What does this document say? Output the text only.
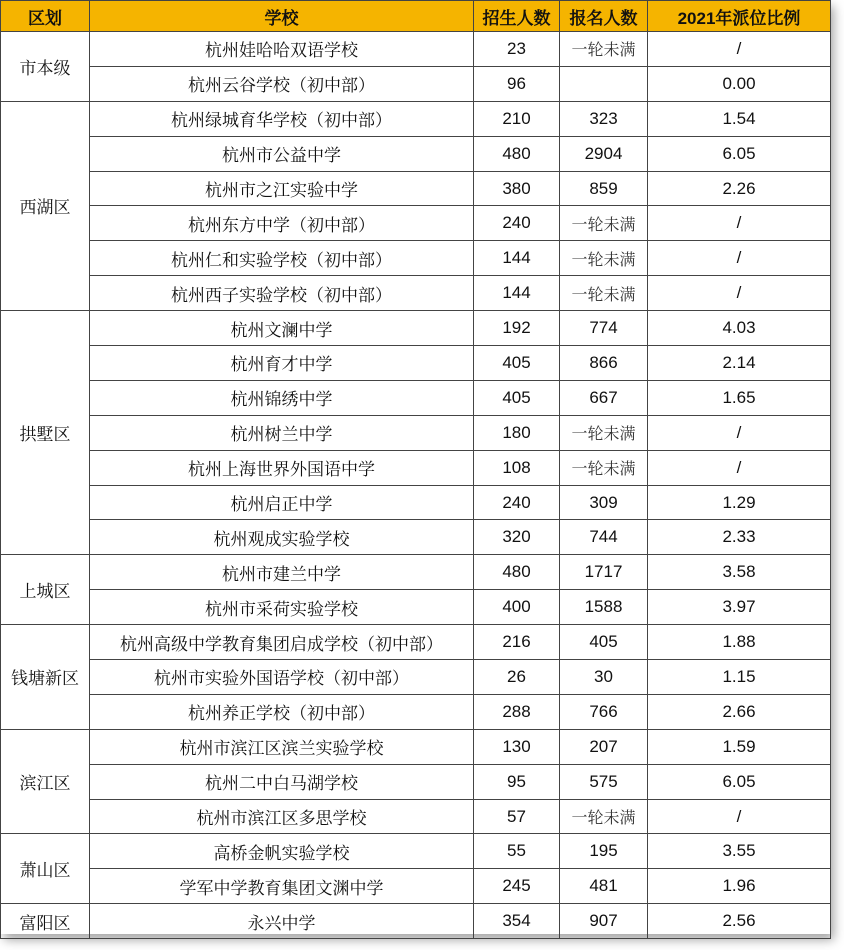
区划	学校	招生人数	报名人数	2021年派位比例
市本级	杭州娃哈哈双语学校	23	一轮未满	/
	杭州云谷学校（初中部）	96		0.00
西湖区	杭州绿城育华学校（初中部）	210	323	1.54
	杭州市公益中学	480	2904	6.05
	杭州市之江实验中学	380	859	2.26
	杭州东方中学（初中部）	240	一轮未满	/
	杭州仁和实验学校（初中部）	144	一轮未满	/
	杭州西子实验学校（初中部）	144	一轮未满	/
拱墅区	杭州文澜中学	192	774	4.03
	杭州育才中学	405	866	2.14
	杭州锦绣中学	405	667	1.65
	杭州树兰中学	180	一轮未满	/
	杭州上海世界外国语中学	108	一轮未满	/
	杭州启正中学	240	309	1.29
	杭州观成实验学校	320	744	2.33
上城区	杭州市建兰中学	480	1717	3.58
	杭州市采荷实验学校	400	1588	3.97
钱塘新区	杭州高级中学教育集团启成学校（初中部）	216	405	1.88
	杭州市实验外国语学校（初中部）	26	30	1.15
	杭州养正学校（初中部）	288	766	2.66
滨江区	杭州市滨江区滨兰实验学校	130	207	1.59
	杭州二中白马湖学校	95	575	6.05
	杭州市滨江区多思学校	57	一轮未满	/
萧山区	高桥金帆实验学校	55	195	3.55
	学军中学教育集团文渊中学	245	481	1.96
富阳区	永兴中学	354	907	2.56
